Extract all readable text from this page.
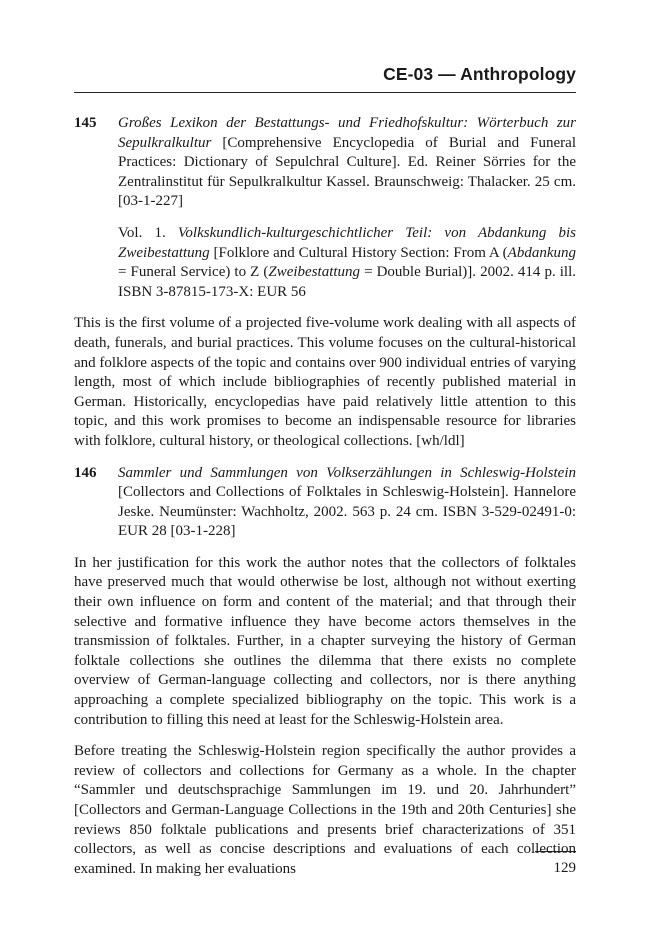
CE-03 — Anthropology
145 Großes Lexikon der Bestattungs- und Friedhofskultur: Wörterbuch zur Sepulkralkultur [Comprehensive Encyclopedia of Burial and Funeral Practices: Dictionary of Sepulchral Culture]. Ed. Reiner Sörries for the Zentralinstitut für Sepulkralkultur Kassel. Braunschweig: Thalacker. 25 cm. [03-1-227]

Vol. 1. Volkskundlich-kulturgeschichtlicher Teil: von Abdankung bis Zweibestattung [Folklore and Cultural History Section: From A (Abdankung = Funeral Service) to Z (Zweibestattung = Double Burial)]. 2002. 414 p. ill. ISBN 3-87815-173-X: EUR 56

This is the first volume of a projected five-volume work dealing with all aspects of death, funerals, and burial practices. This volume focuses on the cultural-historical and folklore aspects of the topic and contains over 900 individual entries of varying length, most of which include bibliographies of recently published material in German. Historically, encyclopedias have paid relatively little attention to this topic, and this work promises to become an indispensable resource for libraries with folklore, cultural history, or theological collections. [wh/ldl]

146 Sammler und Sammlungen von Volkserzählungen in Schleswig-Holstein [Collectors and Collections of Folktales in Schleswig-Holstein]. Hannelore Jeske. Neumünster: Wachholtz, 2002. 563 p. 24 cm. ISBN 3-529-02491-0: EUR 28 [03-1-228]

In her justification for this work the author notes that the collectors of folktales have preserved much that would otherwise be lost, although not without exerting their own influence on form and content of the material; and that through their selective and formative influence they have become actors themselves in the transmission of folktales. Further, in a chapter surveying the history of German folktale collections she outlines the dilemma that there exists no complete overview of German-language collecting and collectors, nor is there anything approaching a complete specialized bibliography on the topic. This work is a contribution to filling this need at least for the Schleswig-Holstein area.

Before treating the Schleswig-Holstein region specifically the author provides a review of collectors and collections for Germany as a whole. In the chapter “Sammler und deutschsprachige Sammlungen im 19. und 20. Jahrhundert” [Collectors and German-Language Collections in the 19th and 20th Centuries] she reviews 850 folktale publications and presents brief characterizations of 351 collectors, as well as concise descriptions and evaluations of each collection examined. In making her evaluations	129
